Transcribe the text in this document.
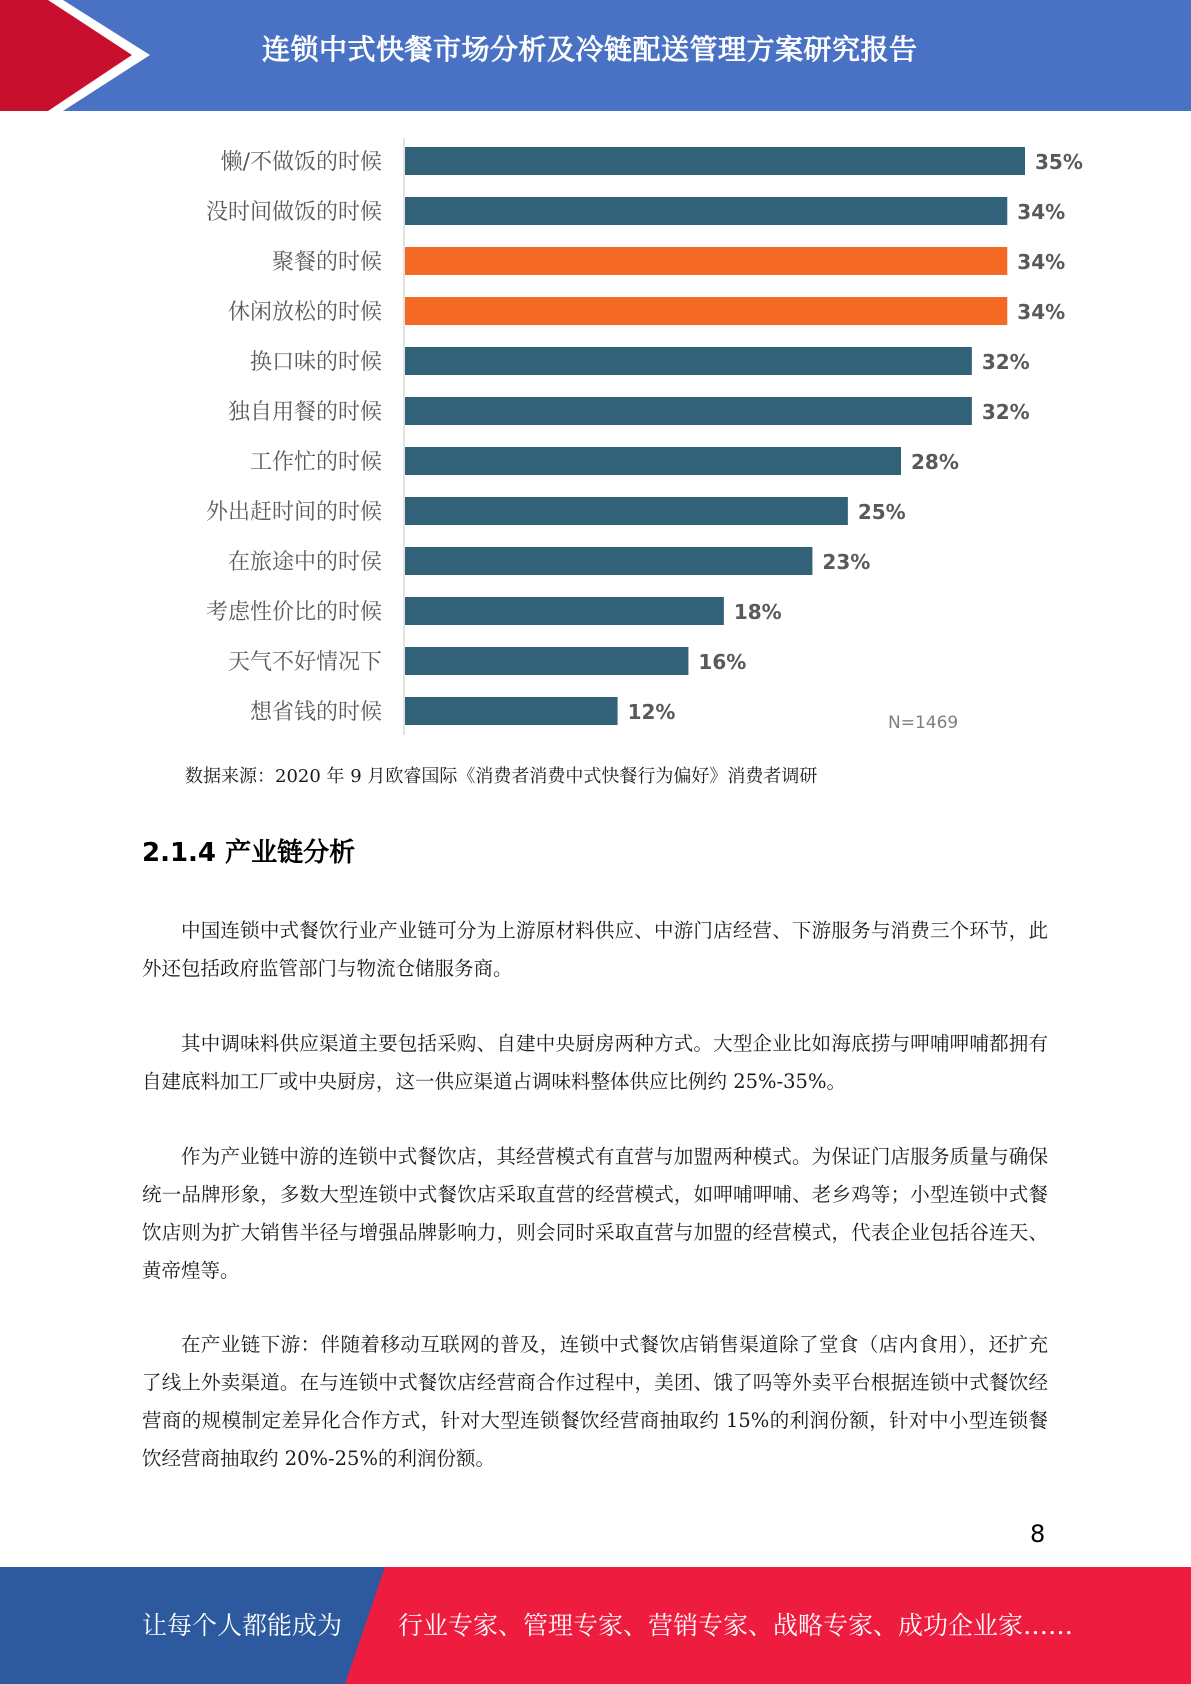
连锁中式快餐市场分析及冷链配送管理方案研究报告
懒/不做饭的时候	35%
没时间做饭的时候	34%
聚餐的时候	34%
休闲放松的时候	34%
换口味的时候	32%
独自用餐的时候	32%
工作忙的时候	28%
外出赶时间的时候	25%
在旅途中的时侯	23%
考虑性价比的时候	18%
天气不好情况下	16%
想省钱的时候	12%	N=1469
数据来源：2020 年 9 月欧睿国际《消费者消费中式快餐行为偏好》消费者调研
2.1.4 产业链分析

中国连锁中式餐饮行业产业链可分为上游原材料供应、中游门店经营、下游服务与消费三个环节，此外还包括政府监管部门与物流仓储服务商。

其中调味料供应渠道主要包括采购、自建中央厨房两种方式。大型企业比如海底捞与呷哺呷哺都拥有自建底料加工厂或中央厨房，这一供应渠道占调味料整体供应比例约 25%-35%。

作为产业链中游的连锁中式餐饮店，其经营模式有直营与加盟两种模式。为保证门店服务质量与确保统一品牌形象，多数大型连锁中式餐饮店采取直营的经营模式，如呷哺呷哺、老乡鸡等；小型连锁中式餐饮店则为扩大销售半径与增强品牌影响力，则会同时采取直营与加盟的经营模式，代表企业包括谷连天、黄帝煌等。

在产业链下游：伴随着移动互联网的普及，连锁中式餐饮店销售渠道除了堂食（店内食用），还扩充了线上外卖渠道。在与连锁中式餐饮店经营商合作过程中，美团、饿了吗等外卖平台根据连锁中式餐饮经营商的规模制定差异化合作方式，针对大型连锁餐饮经营商抽取约 15%的利润份额，针对中小型连锁餐饮经营商抽取约 20%-25%的利润份额。

8
让每个人都能成为 行业专家、管理专家、营销专家、战略专家、成功企业家……
